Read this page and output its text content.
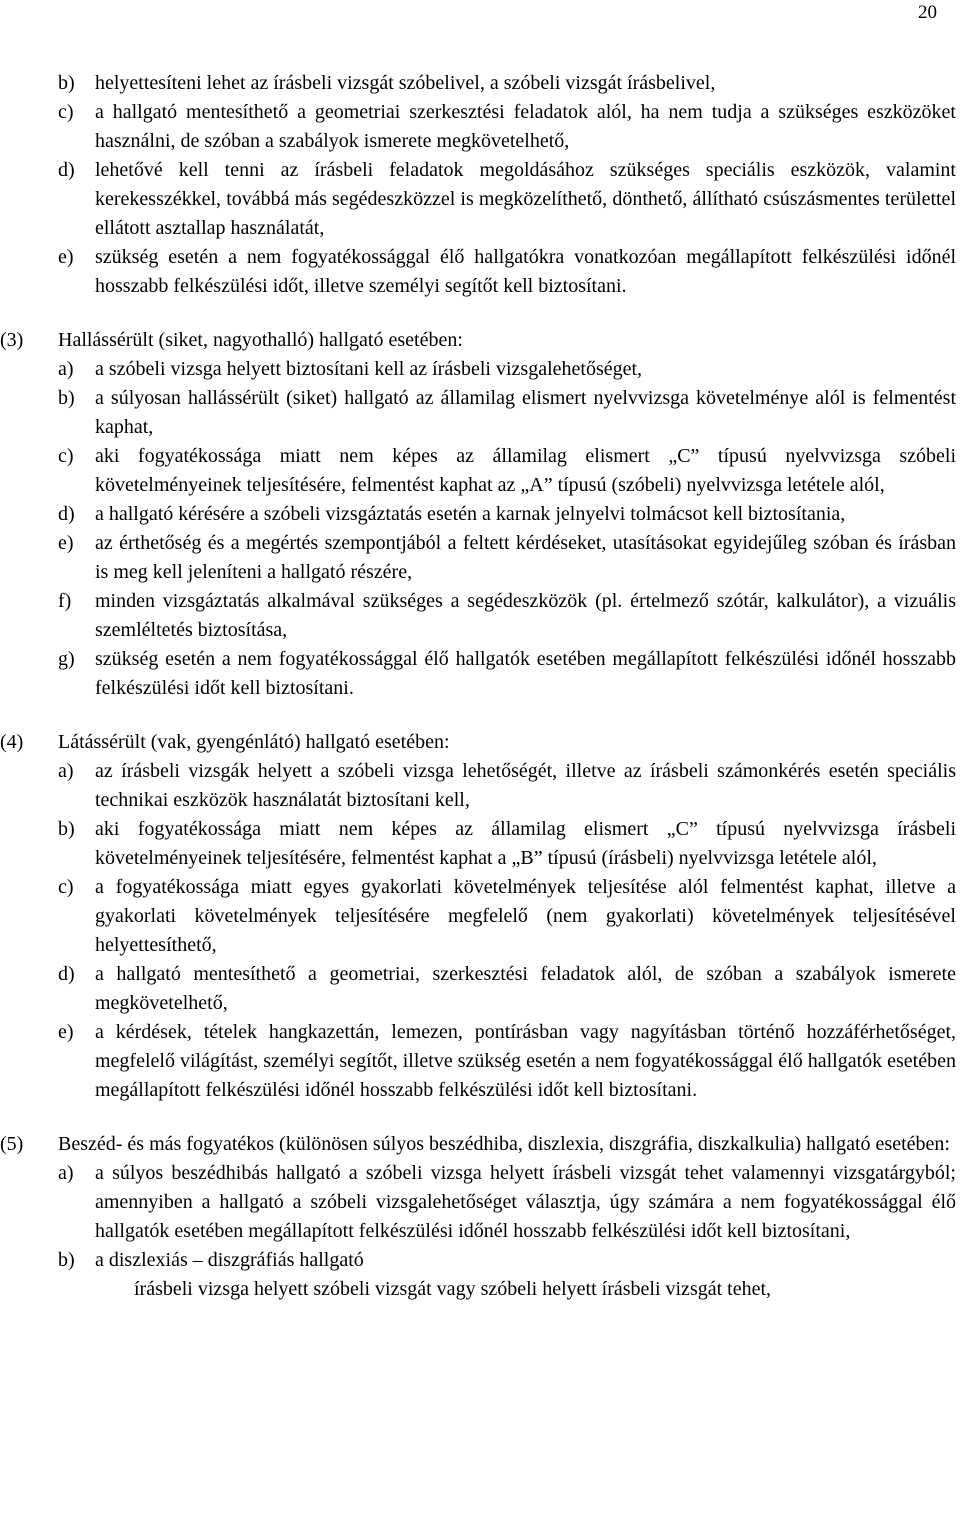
20
b)	helyettesíteni lehet az írásbeli vizsgát szóbelivel, a szóbeli vizsgát írásbelivel,
c)	a hallgató mentesíthető a geometriai szerkesztési feladatok alól, ha nem tudja a szükséges eszközöket használni, de szóban a szabályok ismerete megkövetelhető,
d)	lehetővé kell tenni az írásbeli feladatok megoldásához szükséges speciális eszközök, valamint kerekesszékkel, továbbá más segédeszközzel is megközelíthető, dönthető, állítható csúszásmentes területtel ellátott asztallap használatát,
e)	szükség esetén a nem fogyatékossággal élő hallgatókra vonatkozóan megállapított felkészülési időnél hosszabb felkészülési időt, illetve személyi segítőt kell biztosítani.
(3)	Hallássérült (siket, nagyothalló) hallgató esetében:
a)	a szóbeli vizsga helyett biztosítani kell az írásbeli vizsgalehetőséget,
b)	a súlyosan hallássérült (siket) hallgató az államilag elismert nyelvvizsga követelménye alól is felmentést kaphat,
c)	aki fogyatékossága miatt nem képes az államilag elismert „C” típusú nyelvvizsga szóbeli követelményeinek teljesítésére, felmentést kaphat az „A” típusú (szóbeli) nyelvvizsga letétele alól,
d)	a hallgató kérésére a szóbeli vizsgáztatás esetén a karnak jelnyelvi tolmácsot kell biztosítania,
e)	az érthetőség és a megértés szempontjából a feltett kérdéseket, utasításokat egyidejűleg szóban és írásban is meg kell jeleníteni a hallgató részére,
f)	minden vizsgáztatás alkalmával szükséges a segédeszközök (pl. értelmező szótár, kalkulátor), a vizuális szemléltetés biztosítása,
g)	szükség esetén a nem fogyatékossággal élő hallgatók esetében megállapított felkészülési időnél hosszabb felkészülési időt kell biztosítani.
(4)	Látássérült (vak, gyengénlátó) hallgató esetében:
a)	az írásbeli vizsgák helyett a szóbeli vizsga lehetőségét, illetve az írásbeli számonkérés esetén speciális technikai eszközök használatát biztosítani kell,
b)	aki fogyatékossága miatt nem képes az államilag elismert „C” típusú nyelvvizsga írásbeli követelményeinek teljesítésére, felmentést kaphat a „B” típusú (írásbeli) nyelvvizsga letétele alól,
c)	a fogyatékossága miatt egyes gyakorlati követelmények teljesítése alól felmentést kaphat, illetve a gyakorlati követelmények teljesítésére megfelelő (nem gyakorlati) követelmények teljesítésével helyettesíthető,
d)	a hallgató mentesíthető a geometriai, szerkesztési feladatok alól, de szóban a szabályok ismerete megkövetelhető,
e)	a kérdések, tételek hangkazettán, lemezen, pontírásban vagy nagyításban történő hozzáférhetőséget, megfelelő világítást, személyi segítőt, illetve szükség esetén a nem fogyatékossággal élő hallgatók esetében megállapított felkészülési időnél hosszabb felkészülési időt kell biztosítani.
(5)	Beszéd- és más fogyatékos (különösen súlyos beszédhiba, diszlexia, diszgráfia, diszkalkulia) hallgató esetében:
a)	a súlyos beszédhibás hallgató a szóbeli vizsga helyett írásbeli vizsgát tehet valamennyi vizsgatárgyból; amennyiben a hallgató a szóbeli vizsgalehetőséget választja, úgy számára a nem fogyatékossággal élő hallgatók esetében megállapított felkészülési időnél hosszabb felkészülési időt kell biztosítani,
b)	a diszlexiás – diszgráfiás hallgató
írásbeli vizsga helyett szóbeli vizsgát vagy szóbeli helyett írásbeli vizsgát tehet,
